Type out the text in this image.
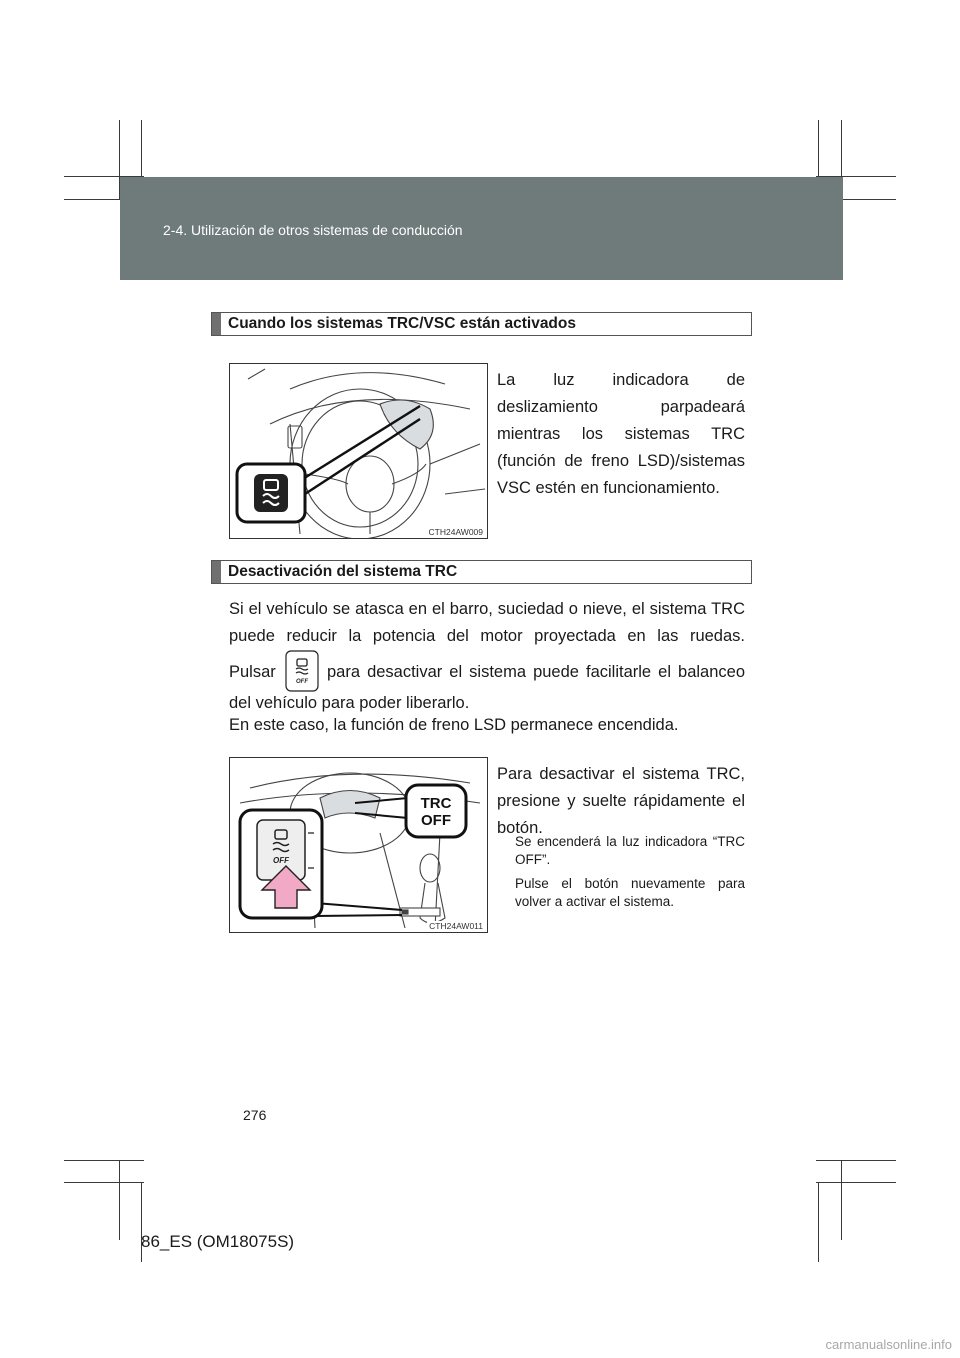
2-4. Utilización de otros sistemas de conducción
Cuando los sistemas TRC/VSC están activados
CTH24AW009
La luz indicadora de deslizamiento parpadeará mientras los sistemas TRC (función de freno LSD)/sistemas VSC estén en funcionamiento.
Desactivación del sistema TRC
Si el vehículo se atasca en el barro, suciedad o nieve, el sistema TRC puede reducir la potencia del motor proyectada en las ruedas.
Pulsar
OFF
para desactivar el sistema puede facilitarle el balanceo
del vehículo para poder liberarlo.
En este caso, la función de freno LSD permanece encendida.
TRC
OFF
OFF
CTH24AW011
Para desactivar el sistema TRC, presione y suelte rápidamente el botón.
Se encenderá la luz indicadora “TRC OFF”.
Pulse el botón nuevamente para volver a activar el sistema.
276
86_ES (OM18075S)
carmanualsonline.info
